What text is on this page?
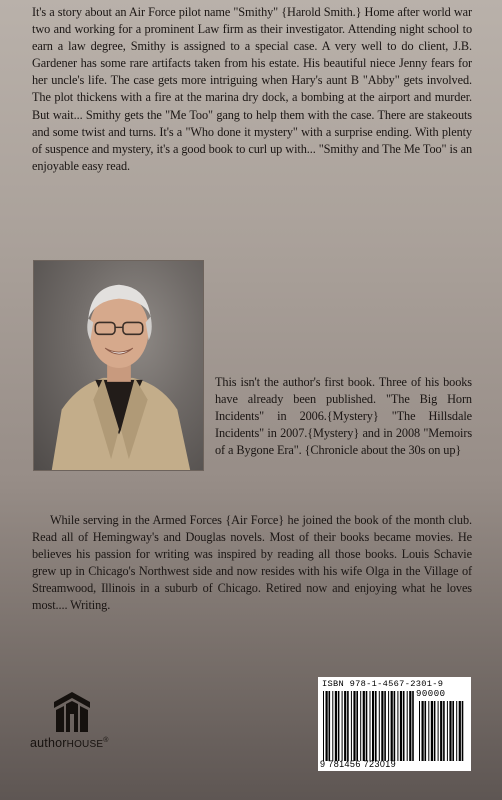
It's a story about an Air Force pilot name "Smithy" {Harold Smith.} Home after world war two and working for a prominent Law firm as their investigator. Attending night school to earn a law degree, Smithy is assigned to a special case. A very well to do client, J.B. Gardener has some rare artifacts taken from his estate. His beautiful niece Jenny fears for her uncle's life. The case gets more intriguing when Hary's aunt B "Abby" gets involved. The plot thickens with a fire at the marina dry dock, a bombing at the airport and murder. But wait... Smithy gets the "Me Too" gang to help them with the case. There are stakeouts and some twist and turns. It's a "Who done it mystery" with a surprise ending. With plenty of suspence and mystery, it's a good book to curl up with... "Smithy and The Me Too" is an enjoyable easy read.

This isn't the author's first book. Three of his books have already been published. "The Big Horn Incidents" in 2006.{Mystery} "The Hillsdale Incidents" in 2007.{Mystery} and in 2008 "Memoirs of a Bygone Era". {Chronicle about the 30s on up}

While serving in the Armed Forces {Air Force} he joined the book of the month club. Read all of Hemingway's and Douglas novels. Most of their books became movies. He believes his passion for writing was inspired by reading all those books. Louis Schavie grew up in Chicago's Northwest side and now resides with his wife Olga in the Village of Streamwood, Illinois in a suburb of Chicago. Retired now and enjoying what he loves most.... Writing.

authorHOUSE®
ISBN 978-1-4567-2301-9
90000
9 781456 723019
